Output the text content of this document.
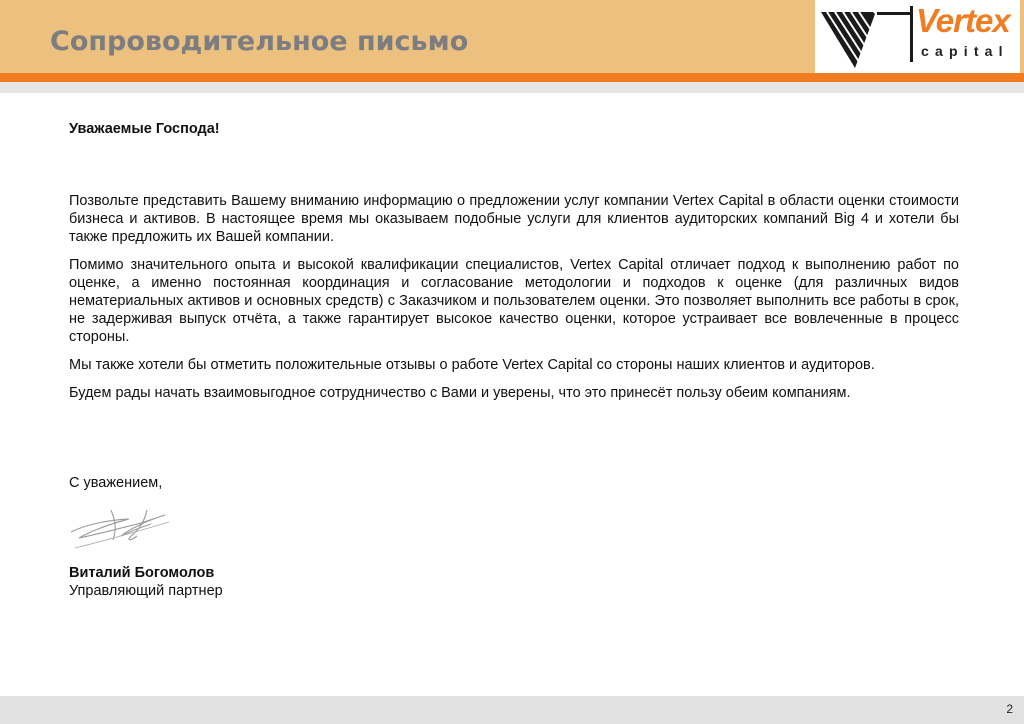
Сопроводительное письмо
Vertex
capital

Уважаемые Господа!

Позвольте представить Вашему вниманию информацию о предложении услуг компании Vertex Capital в области оценки стоимости бизнеса и активов. В настоящее время мы оказываем подобные услуги для клиентов аудиторских компаний Big 4 и хотели бы также предложить их Вашей компании.

Помимо значительного опыта и высокой квалификации специалистов, Vertex Capital отличает подход к выполнению работ по оценке, а именно постоянная координация и согласование методологии и подходов к оценке (для различных видов нематериальных активов и основных средств) с Заказчиком и пользователем оценки. Это позволяет выполнить все работы в срок, не задерживая выпуск отчёта, а также гарантирует высокое качество оценки, которое устраивает все вовлеченные в процесс стороны.

Мы также хотели бы отметить положительные отзывы о работе Vertex Capital со стороны наших клиентов и аудиторов.

Будем рады начать взаимовыгодное сотрудничество с Вами и уверены, что это принесёт пользу обеим компаниям.

С уважением,

Виталий Богомолов

Управляющий партнер

2
